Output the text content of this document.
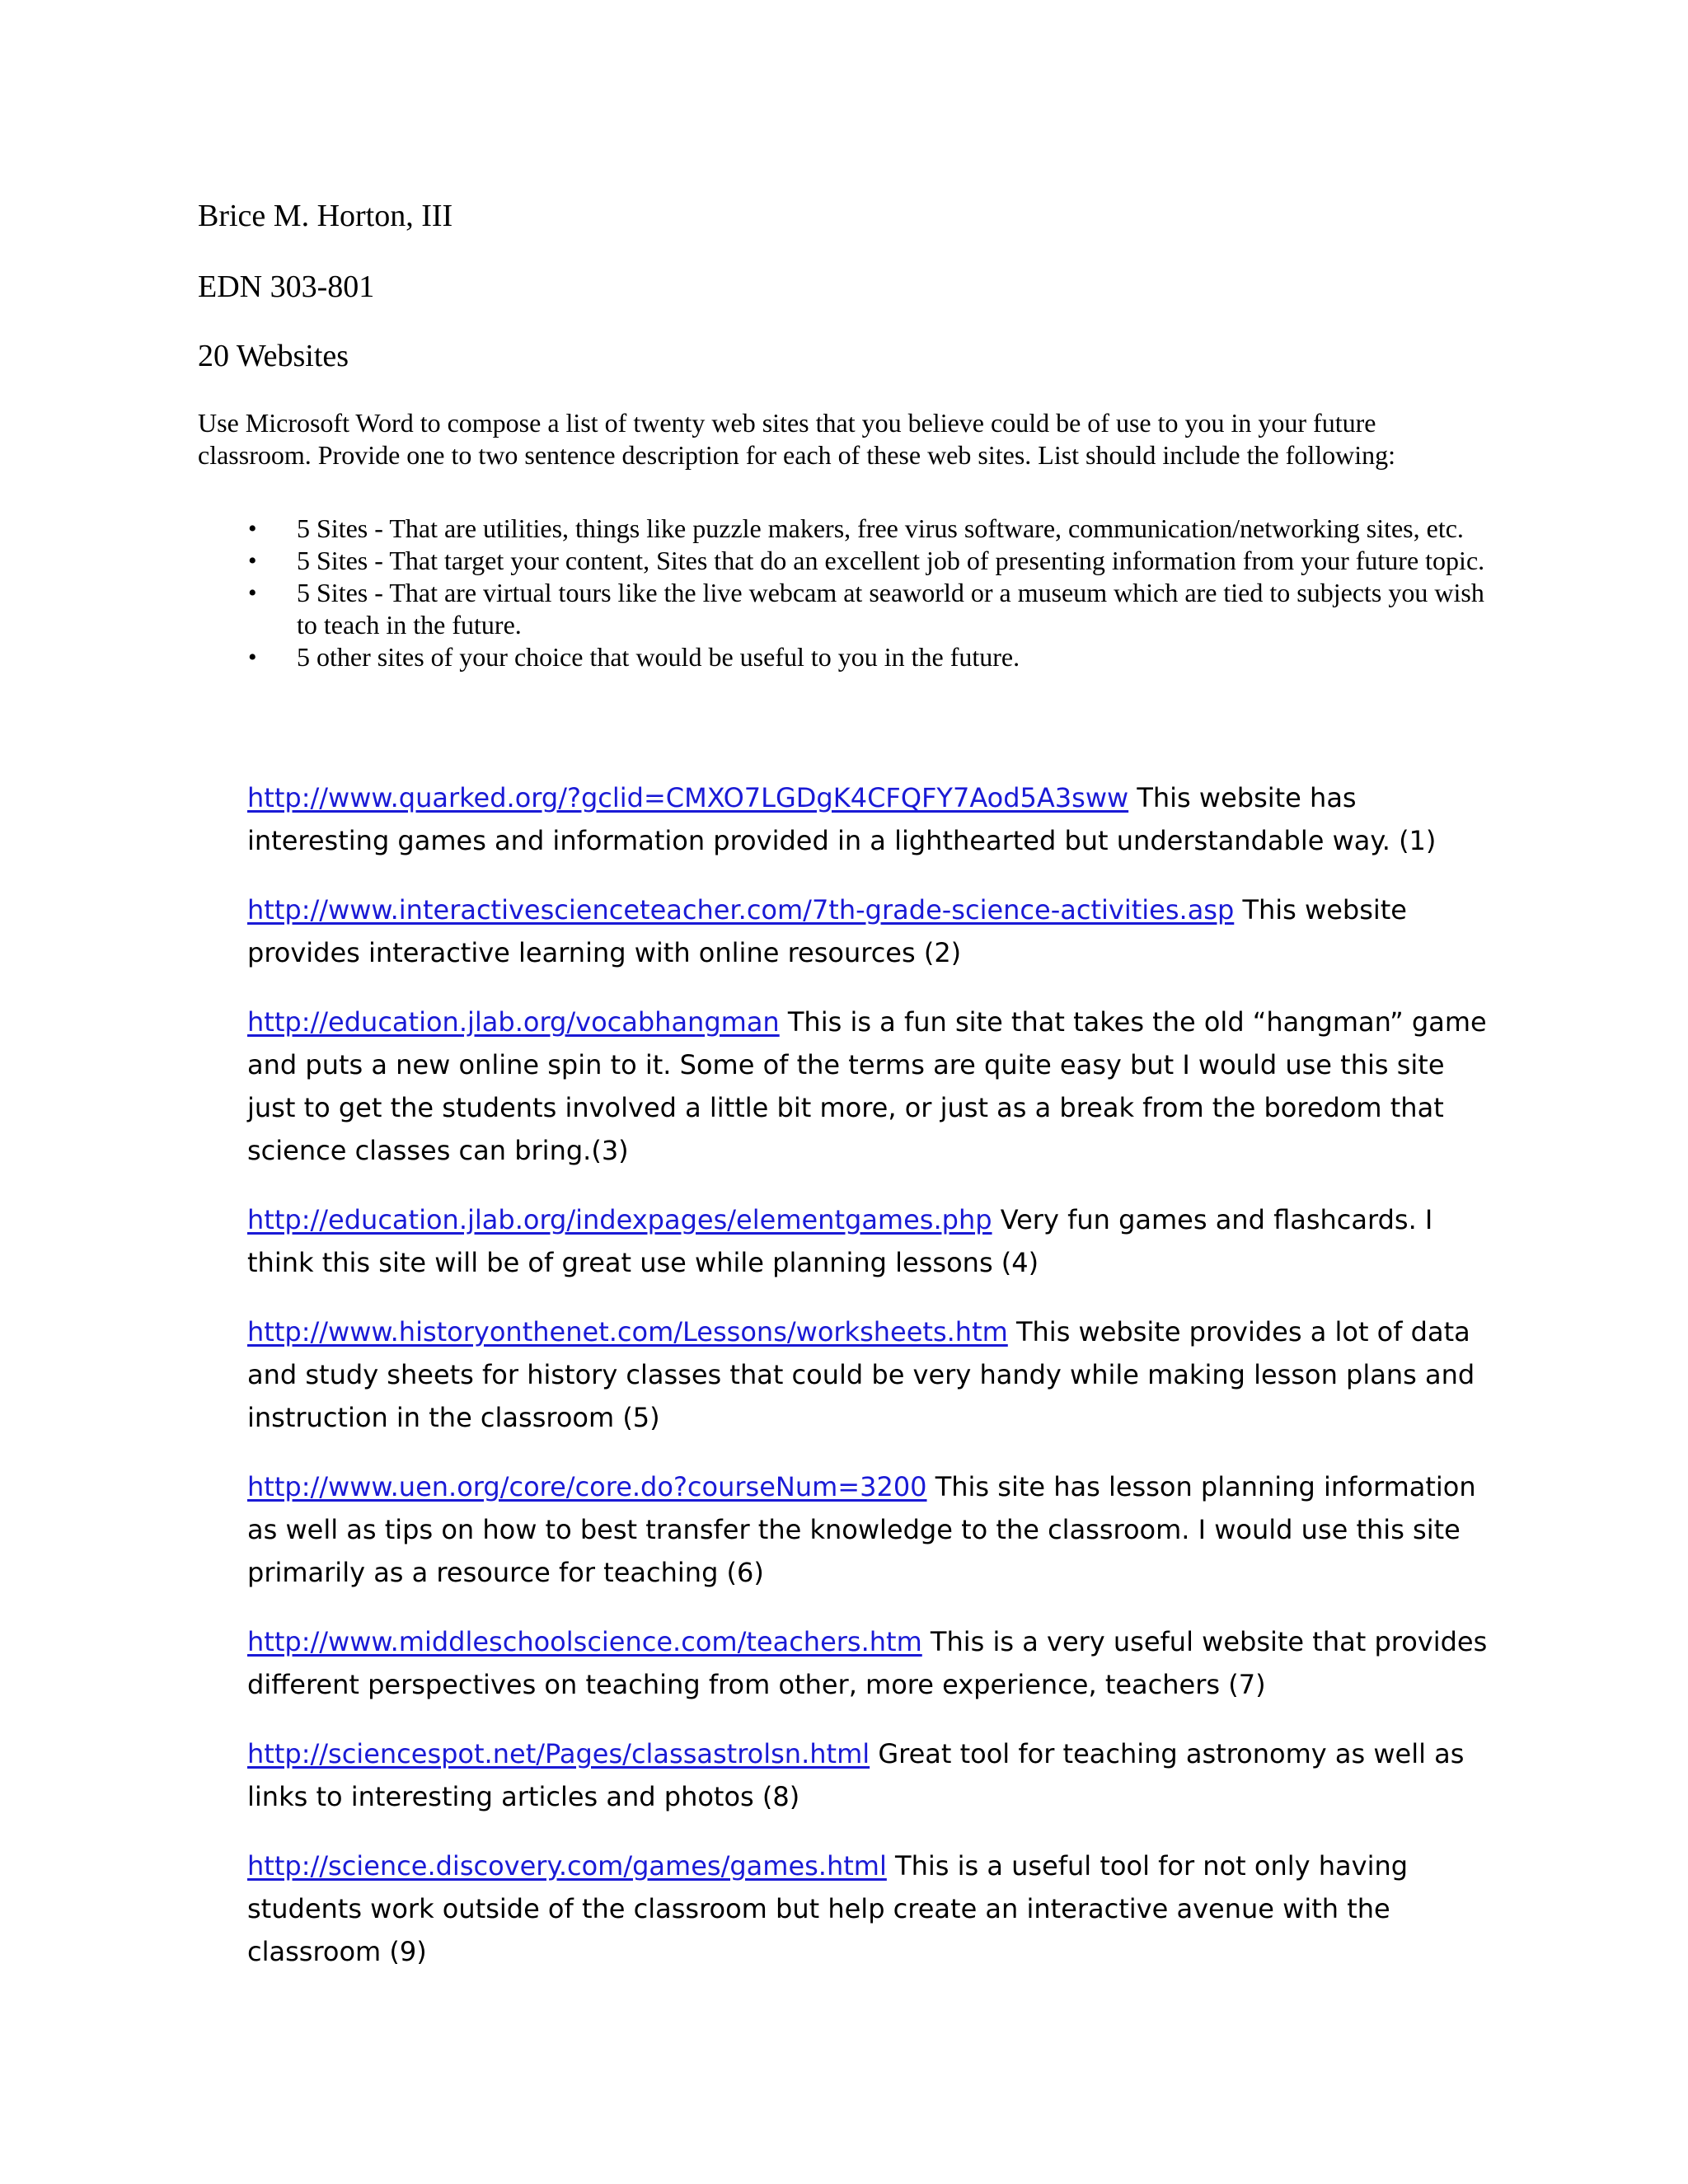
Brice M. Horton, III

EDN 303-801

20 Websites

Use Microsoft Word to compose a list of twenty web sites that you believe could be of use to you in your future classroom. Provide one to two sentence description for each of these web sites. List should include the following:

• 5 Sites - That are utilities, things like puzzle makers, free virus software, communication/networking sites, etc.
• 5 Sites - That target your content, Sites that do an excellent job of presenting information from your future topic.
• 5 Sites - That are virtual tours like the live webcam at seaworld or a museum which are tied to subjects you wish to teach in the future.
• 5 other sites of your choice that would be useful to you in the future.

http://www.quarked.org/?gclid=CMXO7LGDgK4CFQFY7Aod5A3sww This website has interesting games and information provided in a lighthearted but understandable way. (1)

http://www.interactivescienceteacher.com/7th-grade-science-activities.asp This website provides interactive learning with online resources (2)

http://education.jlab.org/vocabhangman This is a fun site that takes the old “hangman” game and puts a new online spin to it. Some of the terms are quite easy but I would use this site just to get the students involved a little bit more, or just as a break from the boredom that science classes can bring.(3)

http://education.jlab.org/indexpages/elementgames.php Very fun games and flashcards. I think this site will be of great use while planning lessons (4)

http://www.historyonthenet.com/Lessons/worksheets.htm This website provides a lot of data and study sheets for history classes that could be very handy while making lesson plans and instruction in the classroom (5)

http://www.uen.org/core/core.do?courseNum=3200 This site has lesson planning information as well as tips on how to best transfer the knowledge to the classroom. I would use this site primarily as a resource for teaching (6)

http://www.middleschoolscience.com/teachers.htm This is a very useful website that provides different perspectives on teaching from other, more experience, teachers (7)

http://sciencespot.net/Pages/classastrolsn.html Great tool for teaching astronomy as well as links to interesting articles and photos (8)

http://science.discovery.com/games/games.html This is a useful tool for not only having students work outside of the classroom but help create an interactive avenue with the classroom (9)
